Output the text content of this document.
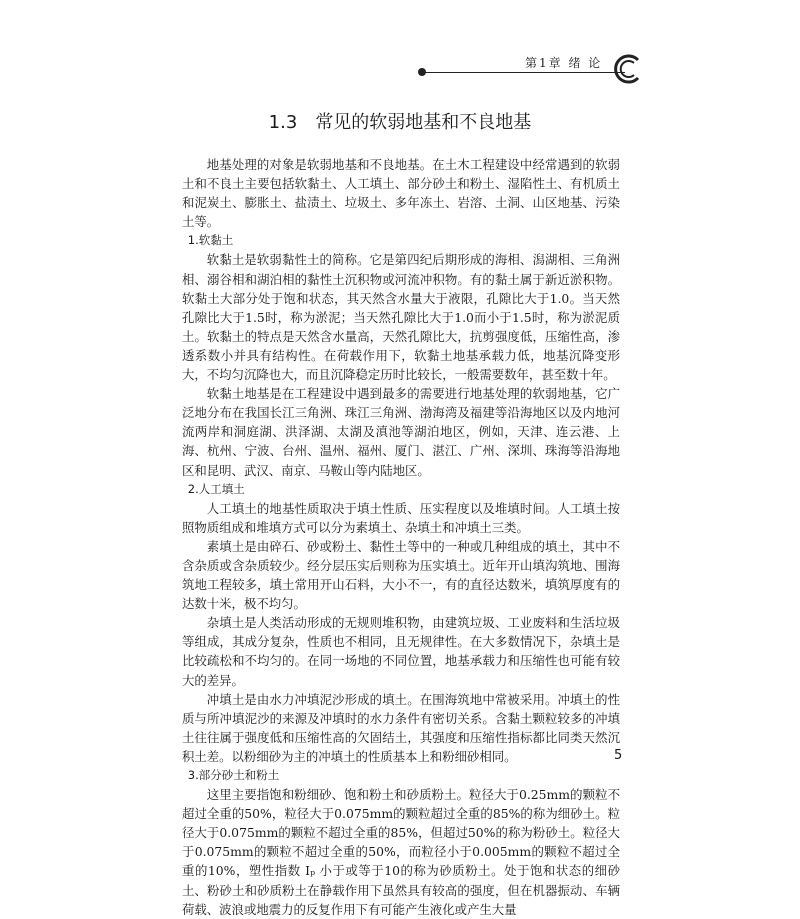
第1章 绪 论
1.3 常见的软弱地基和不良地基

地基处理的对象是软弱地基和不良地基。在土木工程建设中经常遇到的软弱土和不良土主要包括软黏土、人工填土、部分砂土和粉土、湿陷性土、有机质土和泥炭土、膨胀土、盐渍土、垃圾土、多年冻土、岩溶、土洞、山区地基、污染土等。

1.软黏土

软黏土是软弱黏性土的简称。它是第四纪后期形成的海相、潟湖相、三角洲相、溺谷相和湖泊相的黏性土沉积物或河流冲积物。有的黏土属于新近淤积物。软黏土大部分处于饱和状态，其天然含水量大于液限，孔隙比大于1.0。当天然孔隙比大于1.5时，称为淤泥；当天然孔隙比大于1.0而小于1.5时，称为淤泥质土。软黏土的特点是天然含水量高，天然孔隙比大，抗剪强度低，压缩性高，渗透系数小并具有结构性。在荷载作用下，软黏土地基承载力低，地基沉降变形大，不均匀沉降也大，而且沉降稳定历时比较长，一般需要数年，甚至数十年。

软黏土地基是在工程建设中遇到最多的需要进行地基处理的软弱地基，它广泛地分布在我国长江三角洲、珠江三角洲、渤海湾及福建等沿海地区以及内地河流两岸和洞庭湖、洪泽湖、太湖及滇池等湖泊地区，例如，天津、连云港、上海、杭州、宁波、台州、温州、福州、厦门、湛江、广州、深圳、珠海等沿海地区和昆明、武汉、南京、马鞍山等内陆地区。

2.人工填土

人工填土的地基性质取决于填土性质、压实程度以及堆填时间。人工填土按照物质组成和堆填方式可以分为素填土、杂填土和冲填土三类。

素填土是由碎石、砂或粉土、黏性土等中的一种或几种组成的填土，其中不含杂质或含杂质较少。经分层压实后则称为压实填土。近年开山填沟筑地、围海筑地工程较多，填土常用开山石料，大小不一，有的直径达数米，填筑厚度有的达数十米，极不均匀。

杂填土是人类活动形成的无规则堆积物，由建筑垃圾、工业废料和生活垃圾等组成，其成分复杂，性质也不相同，且无规律性。在大多数情况下，杂填土是比较疏松和不均匀的。在同一场地的不同位置，地基承载力和压缩性也可能有较大的差异。

冲填土是由水力冲填泥沙形成的填土。在围海筑地中常被采用。冲填土的性质与所冲填泥沙的来源及冲填时的水力条件有密切关系。含黏土颗粒较多的冲填土往往属于强度低和压缩性高的欠固结土，其强度和压缩性指标都比同类天然沉积土差。以粉细砂为主的冲填土的性质基本上和粉细砂相同。

3.部分砂土和粉土

这里主要指饱和粉细砂、饱和粉土和砂质粉土。粒径大于0.25mm的颗粒不超过全重的50%，粒径大于0.075mm的颗粒超过全重的85%的称为细砂土。粒径大于0.075mm的颗粒不超过全重的85%，但超过50%的称为粉砂土。粒径大于0.075mm的颗粒不超过全重的50%，而粒径小于0.005mm的颗粒不超过全重的10%，塑性指数 Iₚ 小于或等于10的称为砂质粉土。处于饱和状态的细砂土、粉砂土和砂质粉土在静载作用下虽然具有较高的强度，但在机器振动、车辆荷载、波浪或地震力的反复作用下有可能产生液化或产生大量

5
